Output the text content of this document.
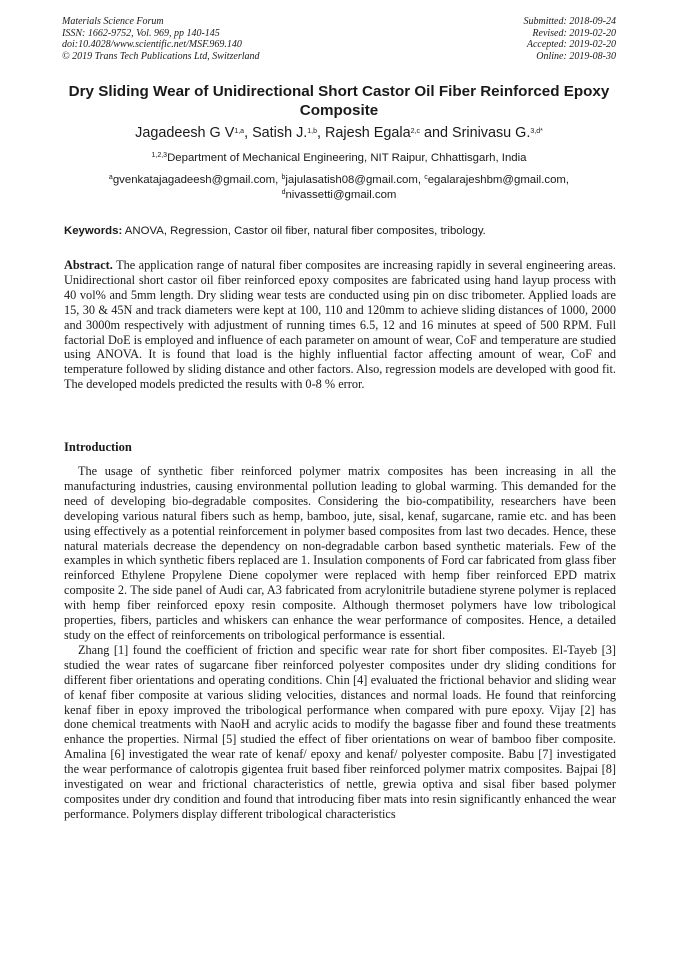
Materials Science Forum
ISSN: 1662-9752, Vol. 969, pp 140-145
doi:10.4028/www.scientific.net/MSF.969.140
© 2019 Trans Tech Publications Ltd, Switzerland
Submitted: 2018-09-24
Revised: 2019-02-20
Accepted: 2019-02-20
Online: 2019-08-30
Dry Sliding Wear of Unidirectional Short Castor Oil Fiber Reinforced Epoxy Composite
Jagadeesh G V$^{1,a}$, Satish J.$^{1,b}$, Rajesh Egala$^{2,c}$ and Srinivasu G.$^{3,d*}$
$^{1,2,3}$Department of Mechanical Engineering, NIT Raipur, Chhattisgarh, India
$^a$gvenkatajagadeesh@gmail.com, $^b$jajulasatish08@gmail.com, $^c$egalarajeshbm@gmail.com,
$^d$nivassetti@gmail.com
Keywords: ANOVA, Regression, Castor oil fiber, natural fiber composites, tribology.
Abstract. The application range of natural fiber composites are increasing rapidly in several engineering areas. Unidirectional short castor oil fiber reinforced epoxy composites are fabricated using hand layup process with 40 vol% and 5mm length. Dry sliding wear tests are conducted using pin on disc tribometer. Applied loads are 15, 30 & 45N and track diameters were kept at 100, 110 and 120mm to achieve sliding distances of 1000, 2000 and 3000m respectively with adjustment of running times 6.5, 12 and 16 minutes at speed of 500 RPM. Full factorial DoE is employed and influence of each parameter on amount of wear, CoF and temperature are studied using ANOVA. It is found that load is the highly influential factor affecting amount of wear, CoF and temperature followed by sliding distance and other factors. Also, regression models are developed with good fit. The developed models predicted the results with 0-8 % error.
Introduction

The usage of synthetic fiber reinforced polymer matrix composites has been increasing in all the manufacturing industries, causing environmental pollution leading to global warming. This demanded for the need of developing bio-degradable composites. Considering the bio-compatibility, researchers have been developing various natural fibers such as hemp, bamboo, jute, sisal, kenaf, sugarcane, ramie etc. and has been using effectively as a potential reinforcement in polymer based composites from last two decades. Hence, these natural materials decrease the dependency on non-degradable carbon based synthetic materials. Few of the examples in which synthetic fibers replaced are 1. Insulation components of Ford car fabricated from glass fiber reinforced Ethylene Propylene Diene copolymer were replaced with hemp fiber reinforced EPD matrix composite 2. The side panel of Audi car, A3 fabricated from acrylonitrile butadiene styrene polymer is replaced with hemp fiber reinforced epoxy resin composite. Although thermoset polymers have low tribological properties, fibers, particles and whiskers can enhance the wear performance of composites. Hence, a detailed study on the effect of reinforcements on tribological performance is essential.

Zhang [1] found the coefficient of friction and specific wear rate for short fiber composites. El-Tayeb [3] studied the wear rates of sugarcane fiber reinforced polyester composites under dry sliding conditions for different fiber orientations and operating conditions. Chin [4] evaluated the frictional behavior and sliding wear of kenaf fiber composite at various sliding velocities, distances and normal loads. He found that reinforcing kenaf fiber in epoxy improved the tribological performance when compared with pure epoxy. Vijay [2] has done chemical treatments with NaoH and acrylic acids to modify the bagasse fiber and found these treatments enhance the properties. Nirmal [5] studied the effect of fiber orientations on wear of bamboo fiber composite. Amalina [6] investigated the wear rate of kenaf/ epoxy and kenaf/ polyester composite. Babu [7] investigated the wear performance of calotropis gigentea fruit based fiber reinforced polymer matrix composites. Bajpai [8] investigated on wear and frictional characteristics of nettle, grewia optiva and sisal fiber based polymer composites under dry condition and found that introducing fiber mats into resin significantly enhanced the wear performance. Polymers display different tribological characteristics
